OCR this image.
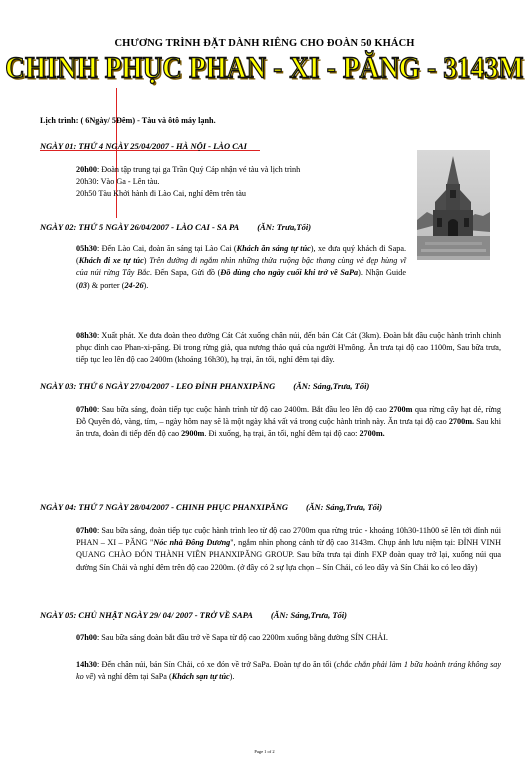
CHƯƠNG TRÌNH ĐẶT DÀNH RIÊNG CHO ĐOÀN 50 KHÁCH
CHINH PHỤC PHAN - XI - PĂNG - 3143M
Lịch trình: ( 6Ngày/ 5Đêm) - Tàu và ôtô máy lạnh.
NGÀY 01: THỨ 4 NGÀY 25/04/2007 - HÀ NỘI - LÀO CAI
20h00: Đoàn tập trung tại ga Trần Quý Cáp nhận vé tàu và lịch trình
20h30: Vào Ga - Lên tàu.
20h50 Tàu Khởi hành đi Lào Cai, nghỉ đêm trên tàu
NGÀY 02: THỨ 5 NGÀY 26/04/2007 - LÀO CAI - SA PA (ĂN: Trưa,Tối)
05h30: Đến Lào Cai, đoàn ăn sáng tại Lào Cai (Khách ăn sáng tự túc), xe đưa quý khách đi Sapa. (Khách đi xe tự túc) Trên đường đi ngắm nhìn những thửa ruộng bậc thang cùng vẻ đẹp hùng vĩ của núi rừng Tây Bắc. Đến Sapa, Gửi đồ (Đồ dùng cho ngày cuối khi trở về SaPa). Nhận Guide (03) & porter (24-26).
08h30: Xuất phát. Xe đưa đoàn theo đường Cát Cát xuống chân núi, đến bản Cát Cát (3km). Đoàn bắt đầu cuộc hành trình chinh phục đỉnh cao Phan-xi-păng. Đi trong rừng già, qua nương thảo quả của người H'mông. Ăn trưa tại độ cao 1100m, Sau bữa trưa, tiếp tục leo lên độ cao 2400m (khoảng 16h30), hạ trại, ăn tối, nghỉ đêm tại đây.
NGÀY 03: THỨ 6 NGÀY 27/04/2007 - LEO ĐỈNH PHANXIPĂNG (ĂN: Sáng,Trưa, Tối)
07h00: Sau bữa sáng, đoàn tiếp tục cuộc hành trình từ độ cao 2400m. Bắt đầu leo lên độ cao 2700m qua rừng cây hạt dẻ, rừng Đỗ Quyên đỏ, vàng, tím, – ngày hôm nay sẽ là một ngày khá vất vả trong cuộc hành trình này. Ăn trưa tại độ cao 2700m. Sau khi ăn trưa, đoàn đi tiếp đến độ cao 2900m. Đi xuống, hạ trại, ăn tối, nghỉ đêm tại độ cao: 2700m.
NGÀY 04: THỨ 7 NGÀY 28/04/2007 - CHINH PHỤC PHANXIPĂNG (ĂN: Sáng,Trưa, Tối)
07h00: Sau bữa sáng, đoàn tiếp tục cuộc hành trình leo từ độ cao 2700m qua rừng trúc - khoảng 10h30-11h00 sẽ lên tới đỉnh núi PHAN – XI – PĂNG "Nóc nhà Đông Dương", ngắm nhìn phong cảnh từ độ cao 3143m. Chụp ảnh lưu niệm tại: ĐỈNH VINH QUANG CHÀO ĐÓN THÀNH VIÊN PHANXIPĂNG GROUP. Sau bữa trưa tại đỉnh FXP đoàn quay trở lại, xuống núi qua đường Sín Chải và nghỉ đêm trên độ cao 2200m. (ở đây có 2 sự lựa chọn – Sín Chải, có leo dây và Sín Chải ko có leo dây)
NGÀY 05: CHỦ NHẬT NGÀY 29/ 04/ 2007 - TRỞ VỀ SAPA (ĂN: Sáng,Trưa, Tối)
07h00: Sau bữa sáng đoàn bắt đầu trở về Sapa từ độ cao 2200m xuống bằng đường SÍN CHẢI.
14h30: Đến chân núi, bản Sín Chải, có xe đón về trở SaPa. Đoàn tự do ăn tối (chắc chắn phải làm 1 bữa hoành tráng không say ko về) và nghỉ đêm tại SaPa (Khách sạn tự túc).
Page 1 of 2
